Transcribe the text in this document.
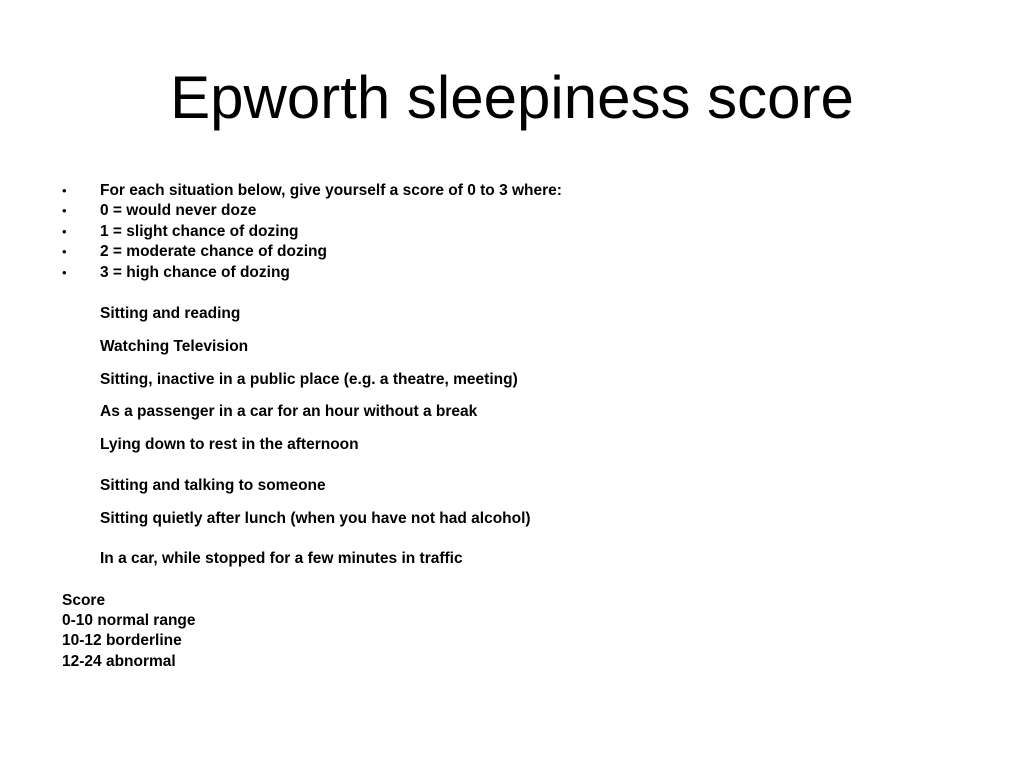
Epworth sleepiness score
• For each situation below, give yourself a score of 0 to 3 where:
• 0 = would never doze
• 1 = slight chance of dozing
• 2 = moderate chance of dozing
• 3 = high chance of dozing
Sitting and reading
Watching Television
Sitting, inactive in a public place (e.g. a theatre, meeting)
As a passenger in a car for an hour without a break
Lying down to rest in the afternoon
Sitting and talking to someone
Sitting quietly after lunch (when you have not had alcohol)
In a car, while stopped for a few minutes in traffic
Score
0-10 normal range
10-12 borderline
12-24 abnormal
